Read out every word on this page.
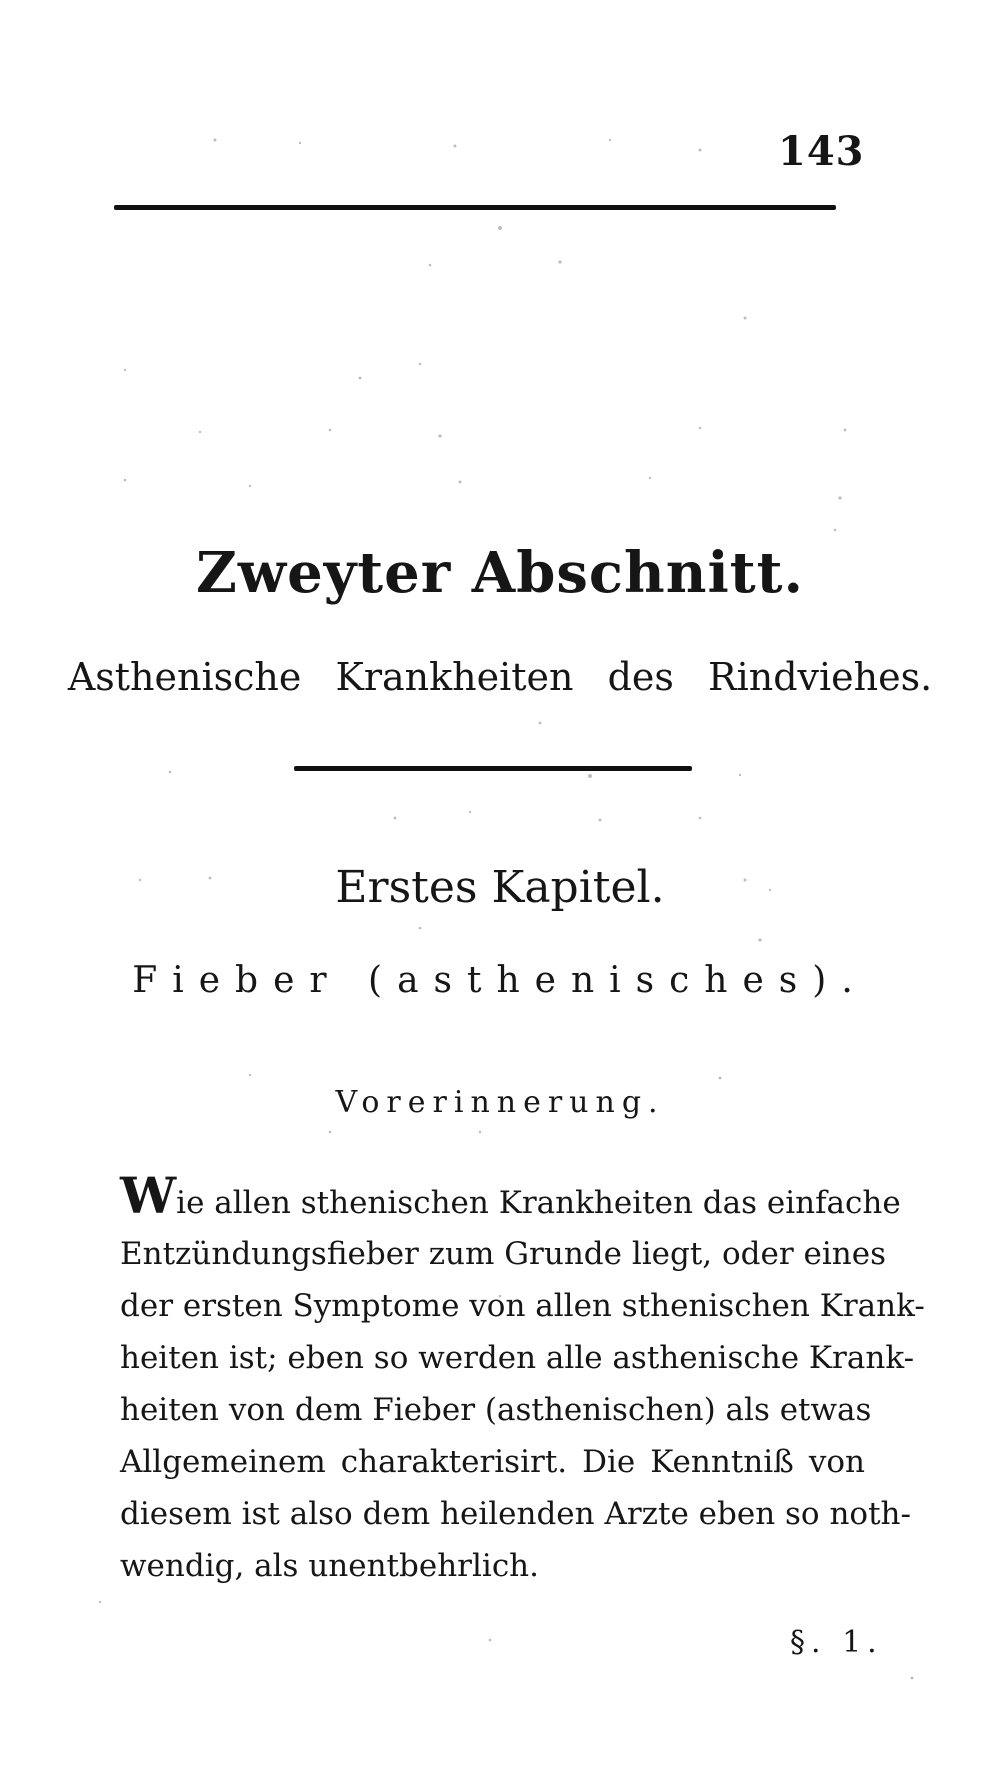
143
Zweyter Abschnitt.
Asthenische Krankheiten des Rindviehes.
Erstes Kapitel.
Fieber (asthenisches).
Vorerinnerung.
Wie allen sthenischen Krankheiten das einfache
Entzündungsfieber zum Grunde liegt, oder eines
der ersten Symptome von allen sthenischen Krank-
heiten ist; eben so werden alle asthenische Krank-
heiten von dem Fieber (asthenischen) als etwas
Allgemeinem charakterisirt. Die Kenntniß von
diesem ist also dem heilenden Arzte eben so noth-
wendig, als unentbehrlich.
§. 1.
